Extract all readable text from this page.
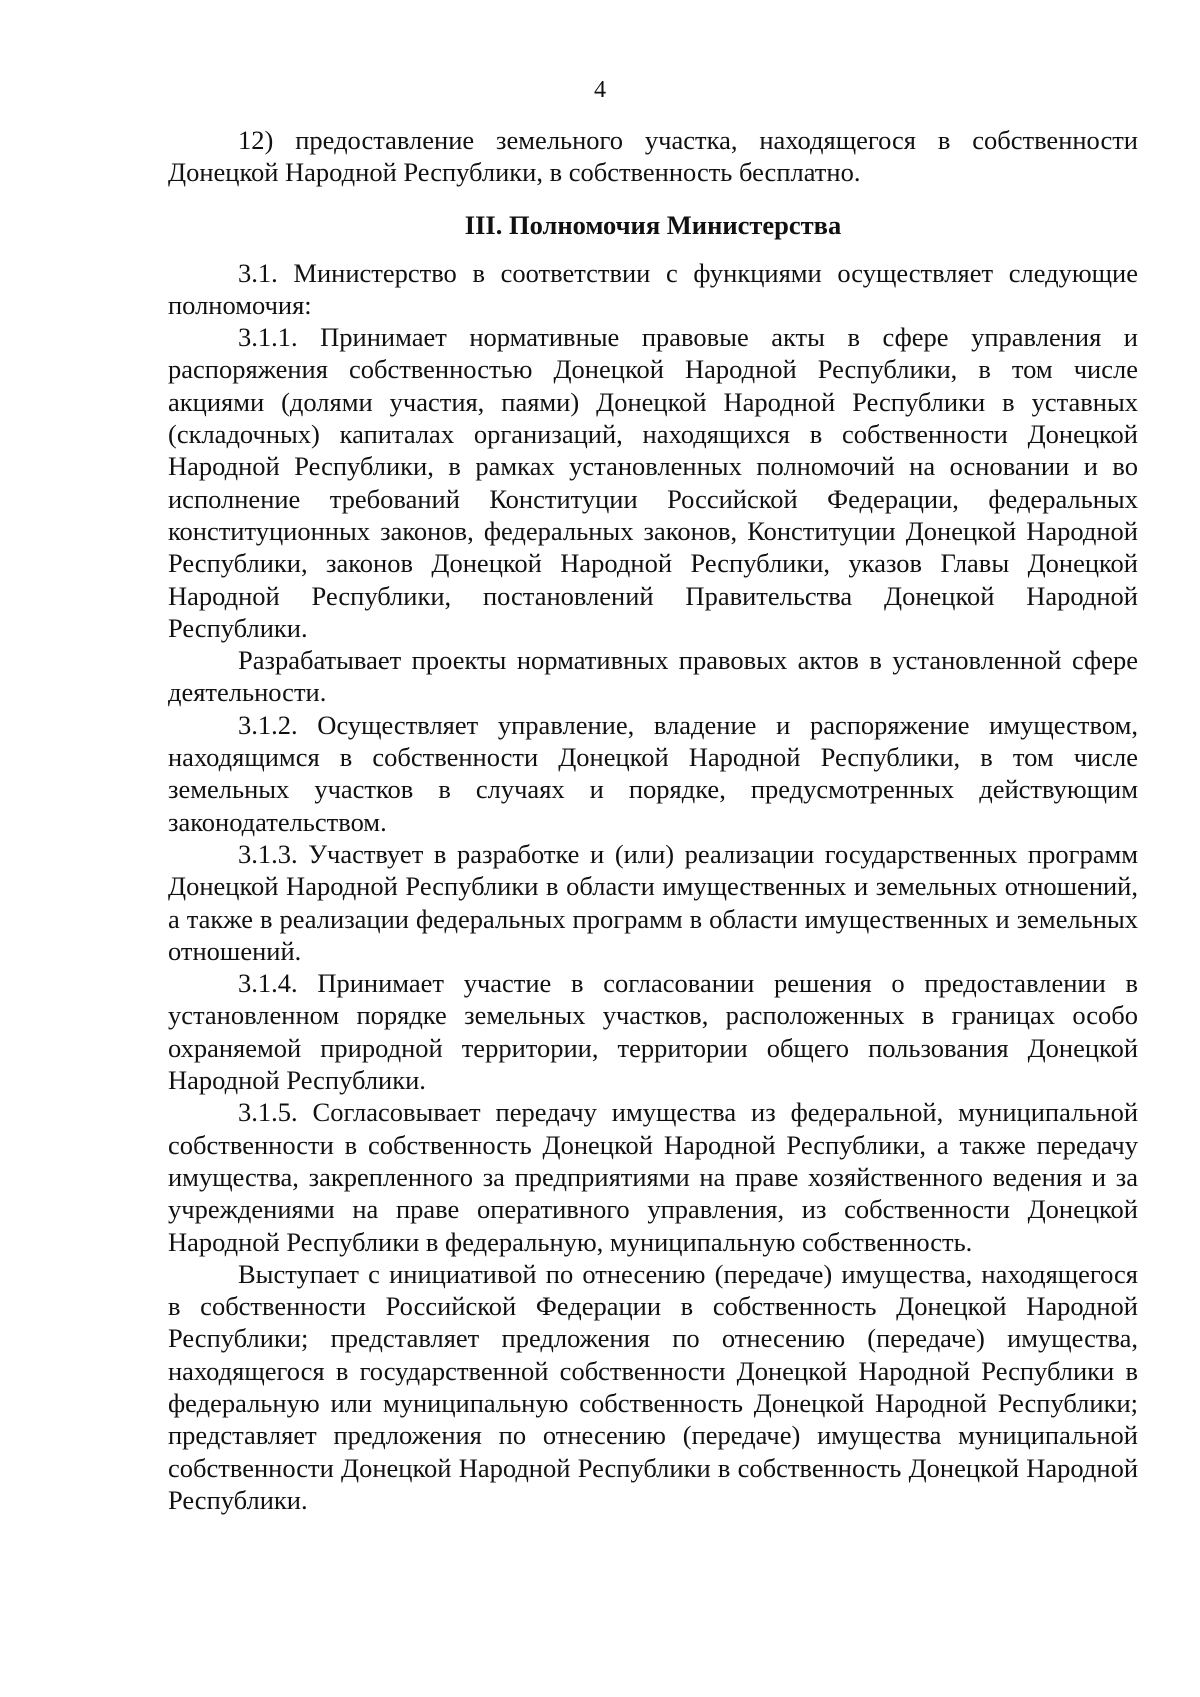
4

12) предоставление земельного участка, находящегося в собственности Донецкой Народной Республики, в собственность бесплатно.

III. Полномочия Министерства

3.1. Министерство в соответствии с функциями осуществляет следующие полномочия:

3.1.1. Принимает нормативные правовые акты в сфере управления и распоряжения собственностью Донецкой Народной Республики, в том числе акциями (долями участия, паями) Донецкой Народной Республики в уставных (складочных) капиталах организаций, находящихся в собственности Донецкой Народной Республики, в рамках установленных полномочий на основании и во исполнение требований Конституции Российской Федерации, федеральных конституционных законов, федеральных законов, Конституции Донецкой Народной Республики, законов Донецкой Народной Республики, указов Главы Донецкой Народной Республики, постановлений Правительства Донецкой Народной Республики.

Разрабатывает проекты нормативных правовых актов в установленной сфере деятельности.

3.1.2. Осуществляет управление, владение и распоряжение имуществом, находящимся в собственности Донецкой Народной Республики, в том числе земельных участков в случаях и порядке, предусмотренных действующим законодательством.

3.1.3. Участвует в разработке и (или) реализации государственных программ Донецкой Народной Республики в области имущественных и земельных отношений, а также в реализации федеральных программ в области имущественных и земельных отношений.

3.1.4. Принимает участие в согласовании решения о предоставлении в установленном порядке земельных участков, расположенных в границах особо охраняемой природной территории, территории общего пользования Донецкой Народной Республики.

3.1.5. Согласовывает передачу имущества из федеральной, муниципальной собственности в собственность Донецкой Народной Республики, а также передачу имущества, закрепленного за предприятиями на праве хозяйственного ведения и за учреждениями на праве оперативного управления, из собственности Донецкой Народной Республики в федеральную, муниципальную собственность.

Выступает с инициативой по отнесению (передаче) имущества, находящегося в собственности Российской Федерации в собственность Донецкой Народной Республики; представляет предложения по отнесению (передаче) имущества, находящегося в государственной собственности Донецкой Народной Республики в федеральную или муниципальную собственность Донецкой Народной Республики; представляет предложения по отнесению (передаче) имущества муниципальной собственности Донецкой Народной Республики в собственность Донецкой Народной Республики.
